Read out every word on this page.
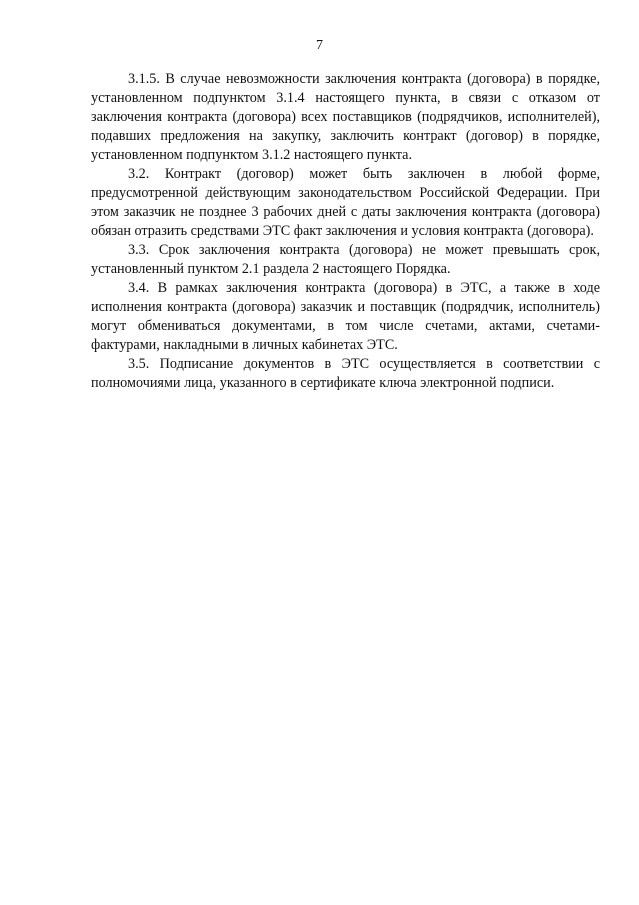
7

3.1.5. В случае невозможности заключения контракта (договора) в порядке, установленном подпунктом 3.1.4 настоящего пункта, в связи с отказом от заключения контракта (договора) всех поставщиков (подрядчиков, исполнителей), подавших предложения на закупку, заключить контракт (договор) в порядке, установленном подпунктом 3.1.2 настоящего пункта.

3.2. Контракт (договор) может быть заключен в любой форме, предусмотренной действующим законодательством Российской Федерации. При этом заказчик не позднее 3 рабочих дней с даты заключения контракта (договора) обязан отразить средствами ЭТС факт заключения и условия контракта (договора).

3.3. Срок заключения контракта (договора) не может превышать срок, установленный пунктом 2.1 раздела 2 настоящего Порядка.

3.4. В рамках заключения контракта (договора) в ЭТС, а также в ходе исполнения контракта (договора) заказчик и поставщик (подрядчик, исполнитель) могут обмениваться документами, в том числе счетами, актами, счетами-фактурами, накладными в личных кабинетах ЭТС.

3.5. Подписание документов в ЭТС осуществляется в соответствии с полномочиями лица, указанного в сертификате ключа электронной подписи.
